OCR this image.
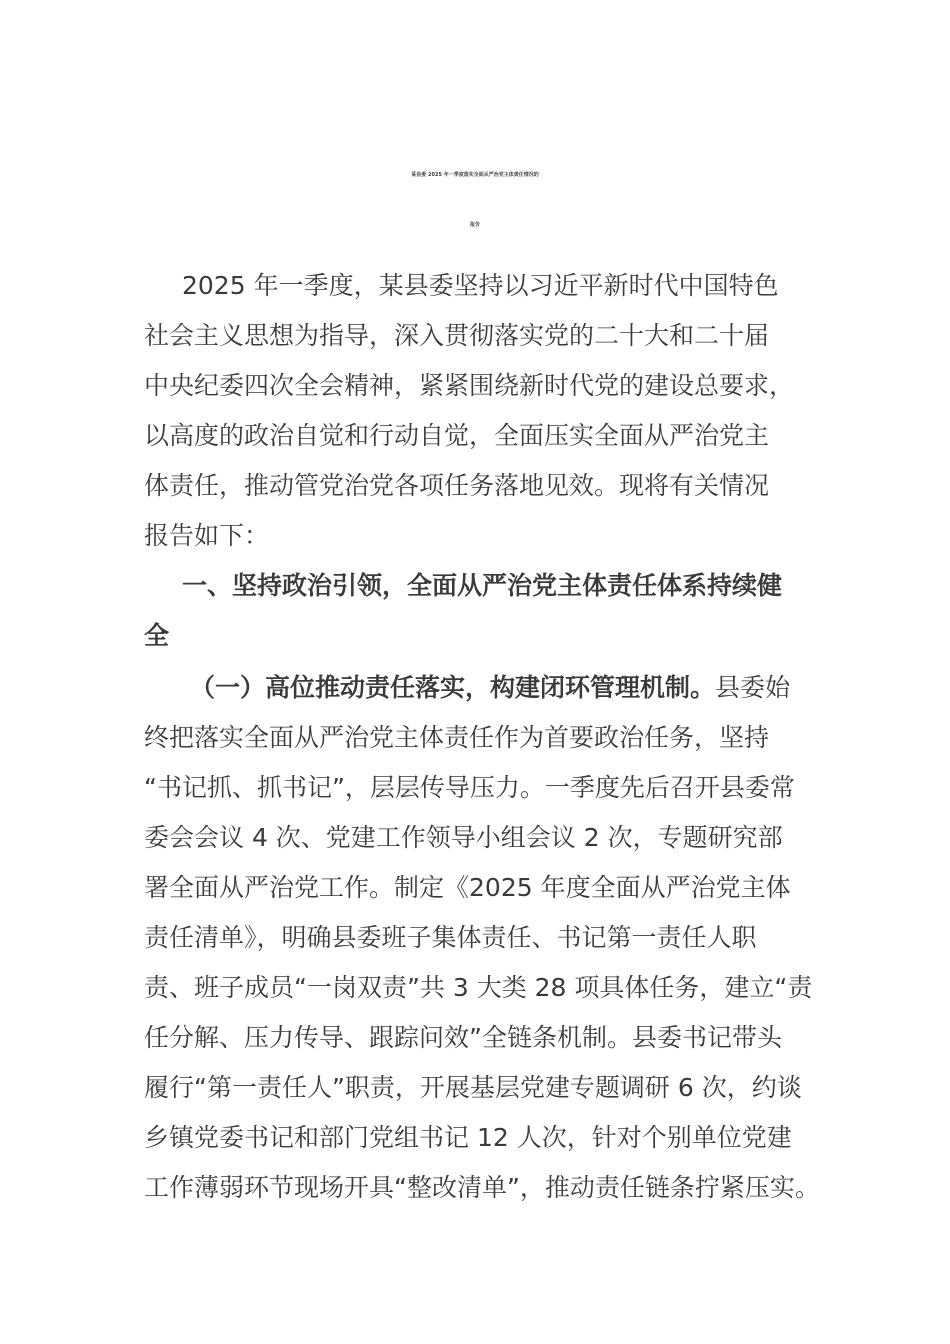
某县委 2025 年一季度落实全面从严治党主体责任情况的
报告
2025 年一季度，某县委坚持以习近平新时代中国特色
社会主义思想为指导，深入贯彻落实党的二十大和二十届
中央纪委四次全会精神，紧紧围绕新时代党的建设总要求，
以高度的政治自觉和行动自觉，全面压实全面从严治党主
体责任，推动管党治党各项任务落地见效。现将有关情况
报告如下：
一、坚持政治引领，全面从严治党主体责任体系持续健
全
（一）高位推动责任落实，构建闭环管理机制。县委始
终把落实全面从严治党主体责任作为首要政治任务，坚持
“书记抓、抓书记”，层层传导压力。一季度先后召开县委常
委会会议 4 次、党建工作领导小组会议 2 次，专题研究部
署全面从严治党工作。制定《2025 年度全面从严治党主体
责任清单》，明确县委班子集体责任、书记第一责任人职
责、班子成员“一岗双责”共 3 大类 28 项具体任务，建立“责
任分解、压力传导、跟踪问效”全链条机制。县委书记带头
履行“第一责任人”职责，开展基层党建专题调研 6 次，约谈
乡镇党委书记和部门党组书记 12 人次，针对个别单位党建
工作薄弱环节现场开具“整改清单”，推动责任链条拧紧压实。
